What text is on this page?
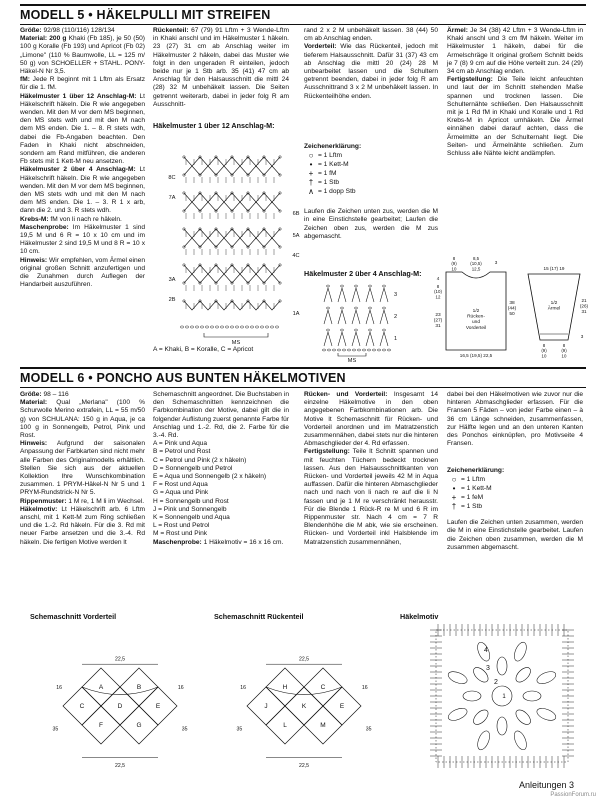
MODELL 5 • HÄKELPULLI MIT STREIFEN

Größe: 92/98 (110/116) 128/134

Material: 200 g Khaki (Fb 185), je 50 (50) 100 g Koralle (Fb 193) und Apricot (Fb 02) „Limone" (110 % Baumwolle, LL = 125 m/ 50 g) von SCHOELLER + STAHL. PONY-Häkel-N Nr 3,5.

fM: Jede R beginnt mit 1 Lftm als Ersatz für die 1. fM.

Häkelmuster 1 über 12 Anschlag-M: Lt Häkelschrift häkeln. Die R wie angegeben wenden. Mit den M vor dem MS beginnen, den MS stets wdh und mit den M nach dem MS enden. Die 1. – 8. R stets wdh, dabei die Fb-Angaben beachten. Den Faden in Khaki nicht abschneiden, sondern am Rand mitführen, die anderen Fb stets mit 1 Kett-M neu ansetzen.

Häkelmuster 2 über 4 Anschlag-M: Lt Häkelschrift häkeln. Die R wie angegeben wenden. Mit den M vor dem MS beginnen, den MS stets wdh und mit den M nach dem MS enden. Die 1. – 3. R 1 x arb, dann die 2. und 3. R stets wdh.

Krebs-M: fM von li nach re häkeln.

Maschenprobe: Im Häkelmuster 1 sind 19,5 M und 6 R = 10 x 10 cm und im Häkelmuster 2 sind 19,5 M und 8 R = 10 x 10 cm.

Hinweis: Wir empfehlen, vom Ärmel einen original großen Schnitt anzufertigen und die Zunahmen durch Auflegen der Handarbeit auszuführen.

Rückenteil: 67 (79) 91 Lftm + 3 Wende-Lftm in Khaki anschl und im Häkelmuster 1 häkeln. 23 (27) 31 cm ab Anschlag weiter im Häkelmuster 2 häkeln, dabei das Muster wie folgt in den ungeraden R einteilen, jedoch beide nur je 1 Stb arb. 35 (41) 47 cm ab Anschlag für den Halsausschnitt die mittl 24 (28) 32 M unbehäkelt lassen. Die Seiten getrennt weiterarb, dabei in jeder folg R am Ausschnitt-

Häkelmuster 1 über 12 Anschlag-M:
8C
7A
3A
2B
6B
5A
4C
1A
MS
A = Khaki, B = Koralle, C = Apricot

rand 2 x 2 M unbehäkelt lassen. 38 (44) 50 cm ab Anschlag enden.

Vorderteil: Wie das Rückenteil, jedoch mit tieferem Halsausschnitt. Dafür 31 (37) 43 cm ab Anschlag die mittl 20 (24) 28 M unbearbeitet lassen und die Schultern getrennt beenden, dabei in jeder folg R am Ausschnittrand 3 x 2 M unbehäkelt lassen. In Rückenteilhöhe enden.

Zeichenerklärung:
○ = 1 Lftm
• = 1 Kett-M
+ = 1 fM
† = 1 Stb
∧ = 1 dopp Stb

Laufen die Zeichen unten zus, werden die M in eine Einstichstelle gearbeitet; Laufen die Zeichen oben zus, werden die M zus abgemascht.

Häkelmuster 2 über 4 Anschlag-M:
3
2
1
MS

Ärmel: Je 34 (38) 42 Lftm + 3 Wende-Lftm in Khaki anschl und 3 cm fM häkeln. Weiter im Häkelmuster 1 häkeln, dabei für die Armelschräge lt original großem Schnitt beids je 7 (8) 9 cm auf die Höhe verteilt zun. 24 (29) 34 cm ab Anschlag enden.

Fertigstellung: Die Teile leicht anfeuchten und laut der im Schnitt stehenden Maße spannen und trocknen lassen. Die Schulternähte schließen. Den Halsausschnitt mit je 1 Rd fM in Khaki und Koralle und 1 Rd Krebs-M in Apricot umhäkeln. Die Ärmel einnähen dabei darauf achten, dass die Ärmelmitte an der Schulternaht liegt. Die Seiten- und Ärmelnähte schließen. Zum Schluss alle Nähte leicht andämpfen.

1/2
Rücken-
und
Vorderteil
38
(44)
50
23
(27)
31
8
(9)
10
8,5
(10,5)
12,5
3
4
8
(10)
12
16,5 (19,5) 22,5
15 (17) 19
1/2
Ärmel
21
(26)
31
8
(9)
10
8
(9)
10
3
MODELL 6 • PONCHO AUS BUNTEN HÄKELMOTIVEN

Größe: 98 – 116

Material: Qual „Merlana" (100 % Schurwolle Merino extrafein, LL = 55 m/50 g) von SCHULANA: 150 g in Aqua, je ca 100 g in Sonnengelb, Petrol, Pink und Rost.

Hinweis: Aufgrund der saisonalen Anpassung der Farbkarten sind nicht mehr alle Farben des Originalmodells erhältlich. Stellen Sie sich aus der aktuellen Kollektion Ihre Wunschkombination zusammen. 1 PRYM-Häkel-N Nr 5 und 1 PRYM-Rundstrick-N Nr 5.

Rippenmuster: 1 M re, 1 M li im Wechsel.

Häkelmotiv: Lt Häkelschrift arb. 6 Lftm anschl, mit 1 Kett-M zum Ring schließen und die 1.-2. Rd häkeln. Für die 3. Rd mit neuer Farbe ansetzen und die 3.-4. Rd häkeln. Die fertigen Motive werden lt

Schemaschnitt angeordnet. Die Buchstaben in den Schemaschnitten kennzeichnen die Farbkombination der Motive, dabei gilt die in folgender Auflistung zuerst genannte Farbe für Anschlag und 1.-2. Rd, die 2. Farbe für die 3.-4. Rd.

A = Pink und Aqua
B = Petrol und Rost
C = Petrol und Pink (2 x häkeln)
D = Sonnengelb und Petrol
E = Aqua und Sonnengelb (2 x häkeln)
F = Rost und Aqua
G = Aqua und Pink
H = Sonnengelb und Rost
J = Pink und Sonnengelb
K = Sonnengelb und Aqua
L = Rost und Petrol
M = Rost und Pink

Maschenprobe: 1 Häkelmotiv = 16 x 16 cm.

Rücken- und Vorderteil: Insgesamt 14 einzelne Häkelmotive in den oben angegebenen Farbkombinationen arb. Die Motive lt Schemaschnitt für Rücken- und Vorderteil anordnen und im Matratzenstich zusammennähen, dabei stets nur die hinteren Abmaschglieder der 4. Rd erfassen.

Fertigstellung: Teile lt Schnitt spannen und mit feuchten Tüchern bedeckt trocknen lassen. Aus den Halsausschnittkanten von Rücken- und Vorderteil jeweils 42 M in Aqua auffassen. Dafür die hinteren Abmaschglieder nach und nach von li nach re auf die li N fassen und je 1 M re verschränkt herausstr. Für die Blende 1 Rück-R re M und 6 R im Rippenmuster str. Nach 4 cm = 7 R Blendenhöhe die M abk, wie sie erscheinen. Rücken- und Vorderteil inkl Halsblende im Matratzenstich zusammennähen,

dabei bei den Häkelmotiven wie zuvor nur die hinteren Abmaschglieder erfassen. Für die Fransen 5 Fäden – von jeder Farbe einen – à 36 cm Länge schneiden, zusammenfassen, zur Hälfte legen und an den unteren Kanten des Ponchos einknüpfen, pro Motivseite 4 Fransen.

Zeichenerklärung:
○ = 1 Lftm
• = 1 Kett-M
+ = 1 feM
† = 1 Stb

Laufen die Zeichen unten zusammen, werden die M in eine Einstichstelle gearbeitet. Laufen die Zeichen oben zusammen, werden die M zusammen abgemascht.

Schemaschnitt Vorderteil	Schemaschnitt Rückenteil	Häkelmotiv
A	B
C	D	E
F	G
22,5
16	16
35	35
22,5
H	C
J	K	E
L	M
22,5
16	16
35	35
22,5
4
3
2
1
Anleitungen 3
PassionForum.ru
